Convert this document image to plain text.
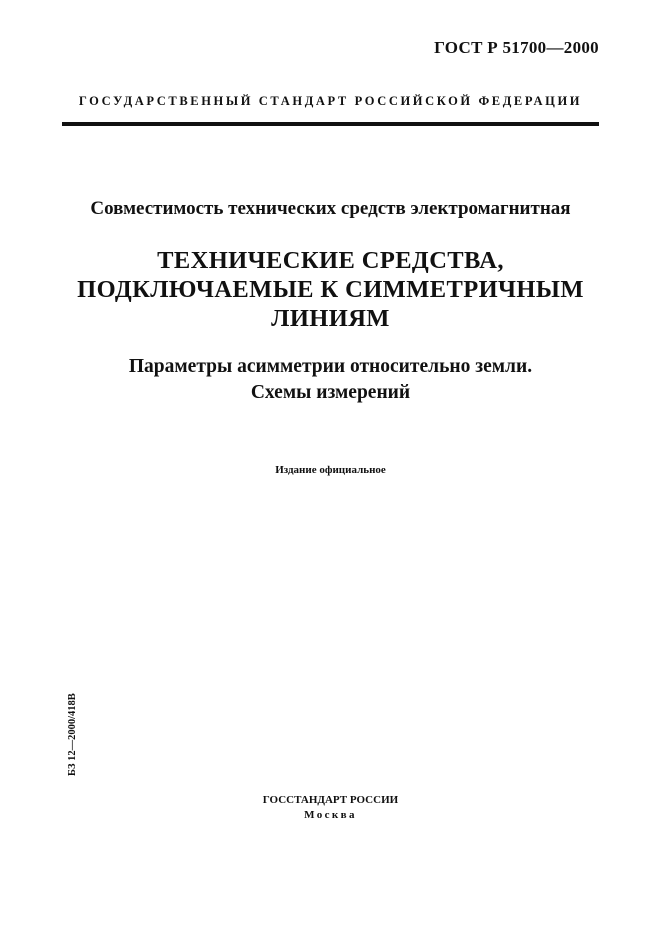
ГОСТ Р 51700—2000
ГОСУДАРСТВЕННЫЙ СТАНДАРТ РОССИЙСКОЙ ФЕДЕРАЦИИ
Совместимость технических средств электромагнитная
ТЕХНИЧЕСКИЕ СРЕДСТВА,
ПОДКЛЮЧАЕМЫЕ К СИММЕТРИЧНЫМ
ЛИНИЯМ
Параметры асимметрии относительно земли.
Схемы измерений
Издание официальное
БЗ 12—2000/418В
ГОССТАНДАРТ РОССИИ
Москва
